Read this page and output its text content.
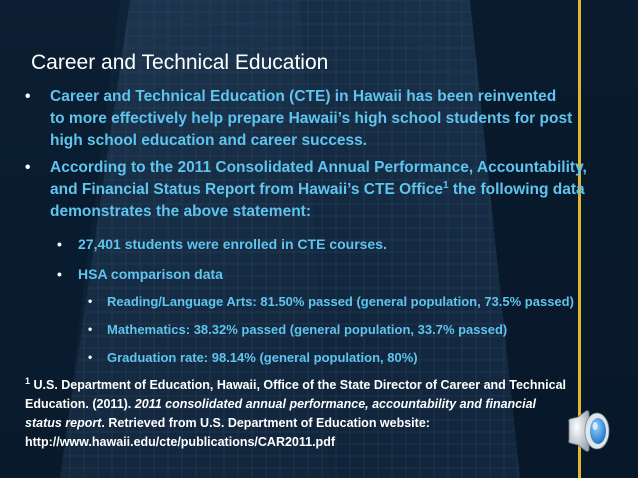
Career and Technical Education
• Career and Technical Education (CTE) in Hawaii has been reinvented to more effectively help prepare Hawaii’s high school students for post high school education and career success.
• According to the 2011 Consolidated Annual Performance, Accountability, and Financial Status Report from Hawaii’s CTE Office$^1$ the following data demonstrates the above statement:
• 27,401 students were enrolled in CTE courses.
• HSA comparison data
• Reading/Language Arts: 81.50% passed (general population, 73.5% passed)
• Mathematics: 38.32% passed (general population, 33.7% passed)
• Graduation rate: 98.14% (general population, 80%)
$^1$ U.S. Department of Education, Hawaii, Office of the State Director of Career and Technical Education. (2011). 2011 consolidated annual performance, accountability and financial status report. Retrieved from U.S. Department of Education website: http://www.hawaii.edu/cte/publications/CAR2011.pdf
